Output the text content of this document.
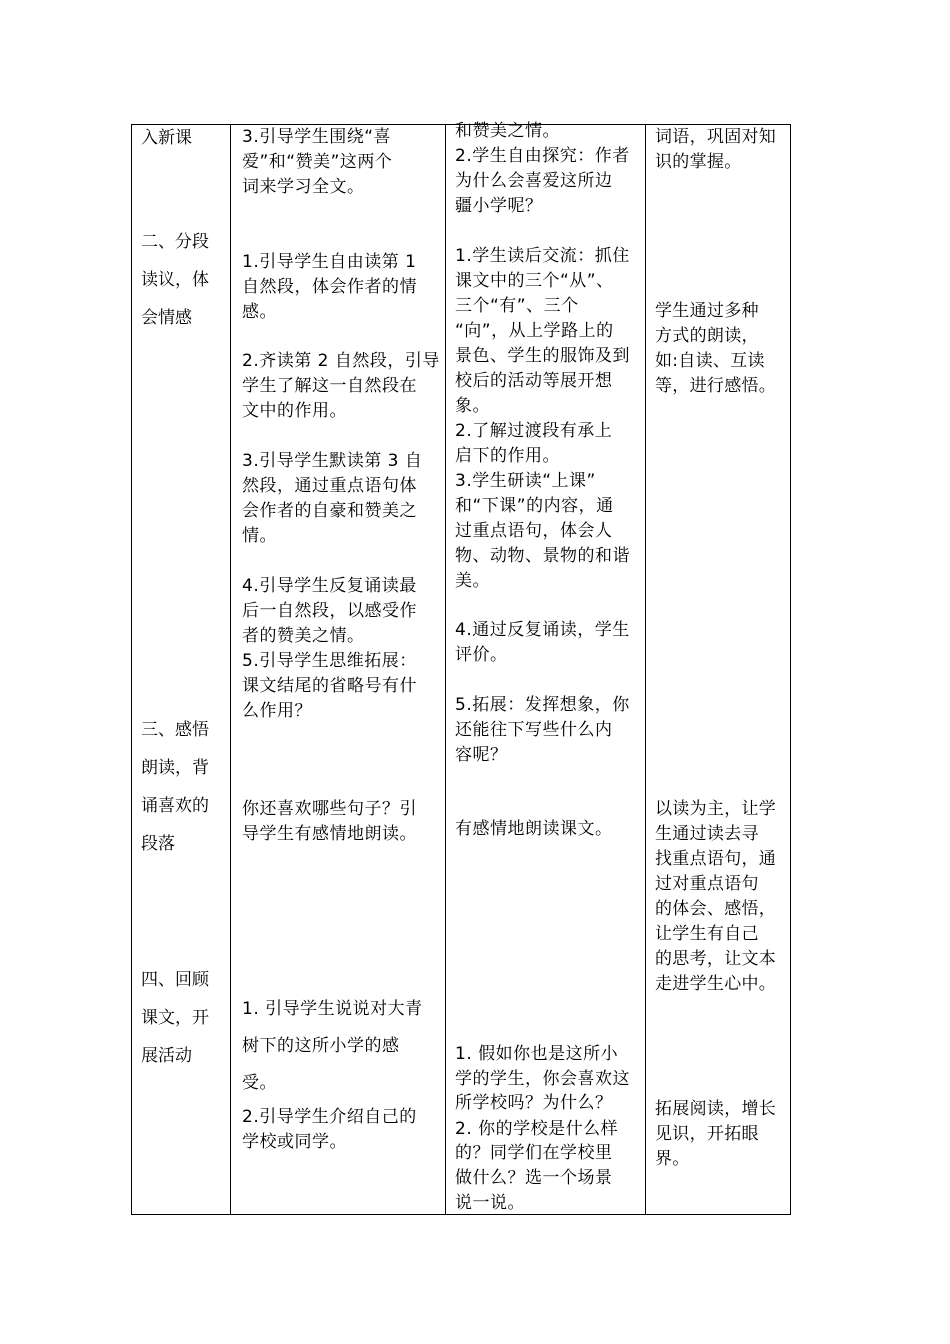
入新课
二、分段
读议，体
会情感
三、感悟
朗读，背
诵喜欢的
段落
四、回顾
课文，开
展活动
3.引导学生围绕“喜
爱”和“赞美”这两个
词来学习全文。
1.引导学生自由读第 1
自然段，体会作者的情
感。
2.齐读第 2 自然段，引导
学生了解这一自然段在
文中的作用。
3.引导学生默读第 3 自
然段，通过重点语句体
会作者的自豪和赞美之
情。
4.引导学生反复诵读最
后一自然段，以感受作
者的赞美之情。
5.引导学生思维拓展：
课文结尾的省略号有什
么作用？
你还喜欢哪些句子？引
导学生有感情地朗读。
1. 引导学生说说对大青
树下的这所小学的感
受。
2.引导学生介绍自己的
学校或同学。
和赞美之情。
2.学生自由探究：作者
为什么会喜爱这所边
疆小学呢？
1.学生读后交流：抓住
课文中的三个“从”、
三个“有”、三个
“向”，从上学路上的
景色、学生的服饰及到
校后的活动等展开想
象。
2.了解过渡段有承上
启下的作用。
3.学生研读“上课”
和“下课”的内容，通
过重点语句，体会人
物、动物、景物的和谐
美。
4.通过反复诵读，学生
评价。
5.拓展：发挥想象，你
还能往下写些什么内
容呢？
有感情地朗读课文。
1. 假如你也是这所小
学的学生，你会喜欢这
所学校吗？为什么？
2. 你的学校是什么样
的？同学们在学校里
做什么？选一个场景
说一说。
词语，巩固对知
识的掌握。
学生通过多种
方式的朗读，
如:自读、互读
等，进行感悟。
以读为主，让学
生通过读去寻
找重点语句，通
过对重点语句
的体会、感悟，
让学生有自己
的思考，让文本
走进学生心中。
拓展阅读，增长
见识，开拓眼
界。
